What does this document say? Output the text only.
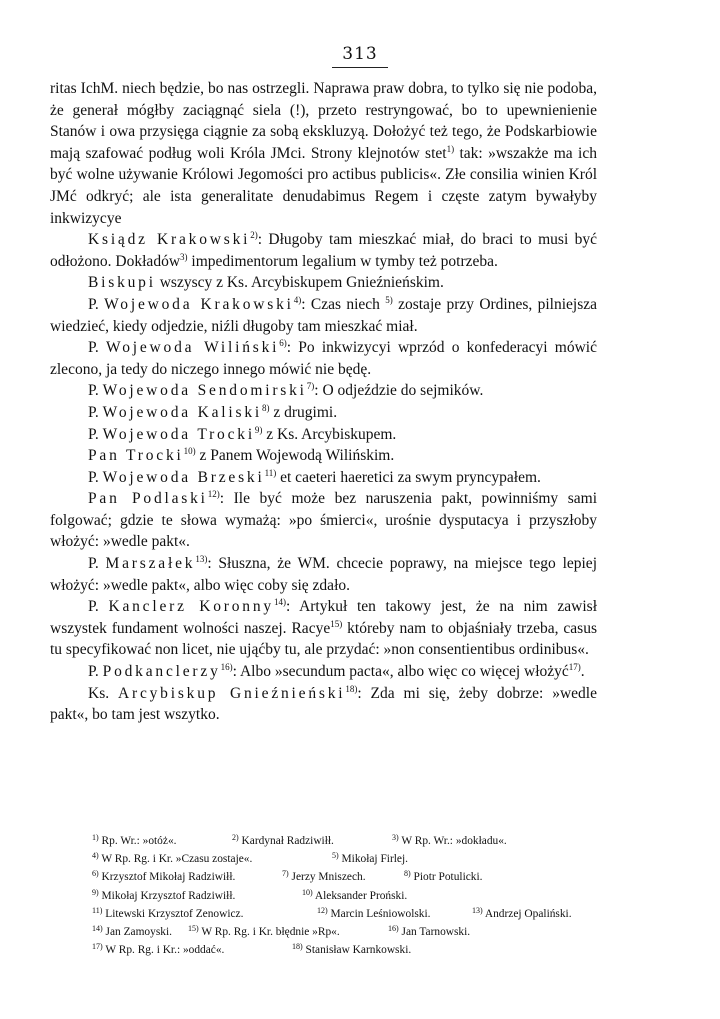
313

ritas IchM. niech będzie, bo nas ostrzegli. Naprawa praw dobra, to tylko się nie podoba, że generał mógłby zaciągnąć siela (!), przeto restryngować, bo to upewnienienie Stanów i owa przysięga ciągnie za sobą ekskluzyą. Dołożyć też tego, że Podskarbiowie mają szafować podług woli Króla JMci. Strony klejnotów stet$^{1)}$ tak: »wszakże ma ich być wolne używanie Królowi Jegomości pro actibus publicis«. Złe consilia winien Król JMć odkryć; ale ista generalitate denudabimus Regem i częste zatym bywałyby inkwizycye

Ksiądz Krakowski$^{2)}$: Długoby tam mieszkać miał, do braci to musi być odłożono. Dokładów$^{3)}$ impedimentorum legalium w tymby też potrzeba.

Biskupi wszyscy z Ks. Arcybiskupem Gnieźnieńskim.

P. Wojewoda Krakowski$^{4)}$: Czas niech $^{5)}$ zostaje przy Ordines, pilniejsza wiedzieć, kiedy odjedzie, niźli długoby tam mieszkać miał.

P. Wojewoda Wiliński$^{6)}$: Po inkwizycyi wprzód o konfederacyi mówić zlecono, ja tedy do niczego innego mówić nie będę.

P. Wojewoda Sendomirski$^{7)}$: O odjeździe do sejmików.

P. Wojewoda Kaliski$^{8)}$ z drugimi.

P. Wojewoda Trocki$^{9)}$ z Ks. Arcybiskupem.

Pan Trocki$^{10)}$ z Panem Wojewodą Wilińskim.

P. Wojewoda Brzeski$^{11)}$ et caeteri haeretici za swym pryncypałem.

Pan Podlaski$^{12)}$: Ile być może bez naruszenia pakt, powinniśmy sami folgować; gdzie te słowa wymażą: »po śmierci«, urośnie dysputacya i przyszłoby włożyć: »wedle pakt«.

P. Marszałek$^{13)}$: Słuszna, że WM. chcecie poprawy, na miejsce tego lepiej włożyć: »wedle pakt«, albo więc coby się zdało.

P. Kanclerz Koronny$^{14)}$: Artykuł ten takowy jest, że na nim zawisł wszystek fundament wolności naszej. Racye$^{15)}$ któreby nam to objaśniały trzeba, casus tu specyfikować non licet, nie ująćby tu, ale przydać: »non consentientibus ordinibus«.

P. Podkanclerzy$^{16)}$: Albo »secundum pacta«, albo więc co więcej włożyć$^{17)}$.

Ks. Arcybiskup Gnieźnieński$^{18)}$: Zda mi się, żeby dobrze: »wedle pakt«, bo tam jest wszytko.

$^{1)}$ Rp. Wr.: »otóż«.	$^{2)}$ Kardynał Radziwiłł.	$^{3)}$ W Rp. Wr.: »dokładu«.
$^{4)}$ W Rp. Rg. i Kr. »Czasu zostaje«.	$^{5)}$ Mikołaj Firlej.
$^{6)}$ Krzysztof Mikołaj Radziwiłł.	$^{7)}$ Jerzy Mniszech.	$^{8)}$ Piotr Potulicki.
$^{9)}$ Mikołaj Krzysztof Radziwiłł.	$^{10)}$ Aleksander Proński.
$^{11)}$ Litewski Krzysztof Zenowicz.	$^{12)}$ Marcin Leśniowolski.	$^{13)}$ Andrzej Opaliński.
$^{14)}$ Jan Zamoyski.	$^{15)}$ W Rp. Rg. i Kr. błędnie »Rp«.	$^{16)}$ Jan Tarnowski.
$^{17)}$ W Rp. Rg. i Kr.: »oddać«.	$^{18)}$ Stanisław Karnkowski.
